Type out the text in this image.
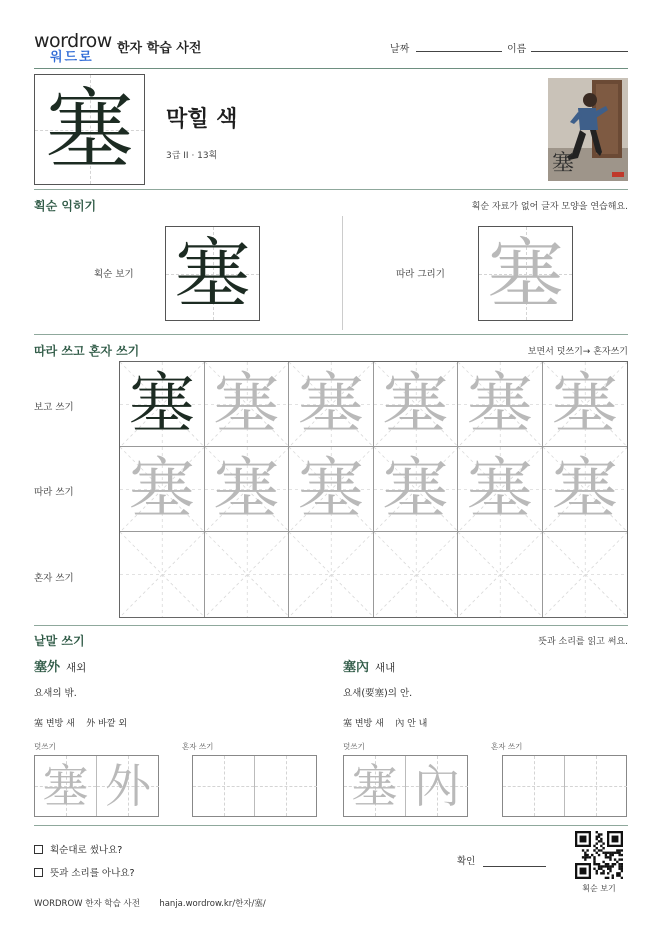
wordrow
워드로
한자 학습 사전	날짜	이름
塞	막힐 색
3급 II · 13획	塞
획순 익히기	획순 자료가 없어 글자 모양을 연습해요.
획순 보기 塞	따라 그리기 塞
따라 쓰고 혼자 쓰기	보면서 덧쓰기→ 혼자쓰기
보고 쓰기
따라 쓰기
혼자 쓰기
塞 塞 塞 塞 塞 塞
塞 塞 塞 塞 塞 塞
낱말 쓰기	뜻과 소리를 읽고 써요.
塞外 새외
요새의 밖.
塞 변방 새    外 바깥 외
덧쓰기	혼자 쓰기
塞 外
塞內 새내
요새(要塞)의 안.
塞 변방 새    內 안 내
덧쓰기	혼자 쓰기
塞 內
획순대로 썼나요?
뜻과 소리를 아나요?
확인
획순 보기
WORDROW 한자 학습 사전 hanja.wordrow.kr/한자/塞/
